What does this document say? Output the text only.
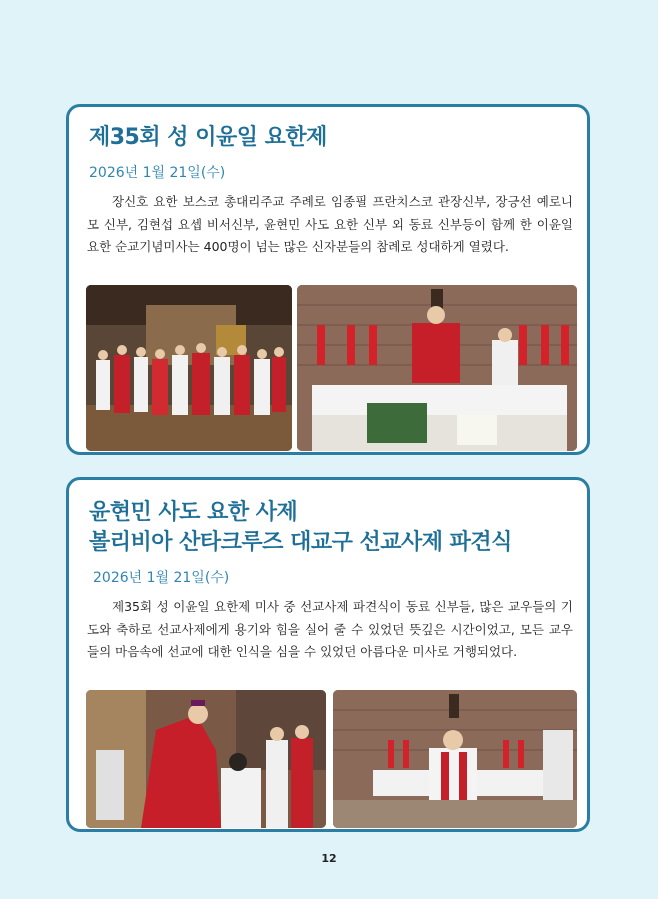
제35회 성 이윤일 요한제
2026년 1월 21일(수)

장신호 요한 보스코 총대리주교 주례로 임종필 프란치스코 관장신부, 장긍선 예로니모 신부, 김현섭 요셉 비서신부, 윤현민 사도 요한 신부 외 동료 신부등이 함께 한 이윤일 요한 순교기념미사는 400명이 넘는 많은 신자분들의 참례로 성대하게 열렸다.

윤현민 사도 요한 사제
볼리비아 산타크루즈 대교구 선교사제 파견식
2026년 1월 21일(수)

제35회 성 이윤일 요한제 미사 중 선교사제 파견식이 동료 신부들, 많은 교우들의 기도와 축하로 선교사제에게 용기와 힘을 실어 줄 수 있었던 뜻깊은 시간이었고, 모든 교우들의 마음속에 선교에 대한 인식을 심을 수 있었던 아름다운 미사로 거행되었다.

12
